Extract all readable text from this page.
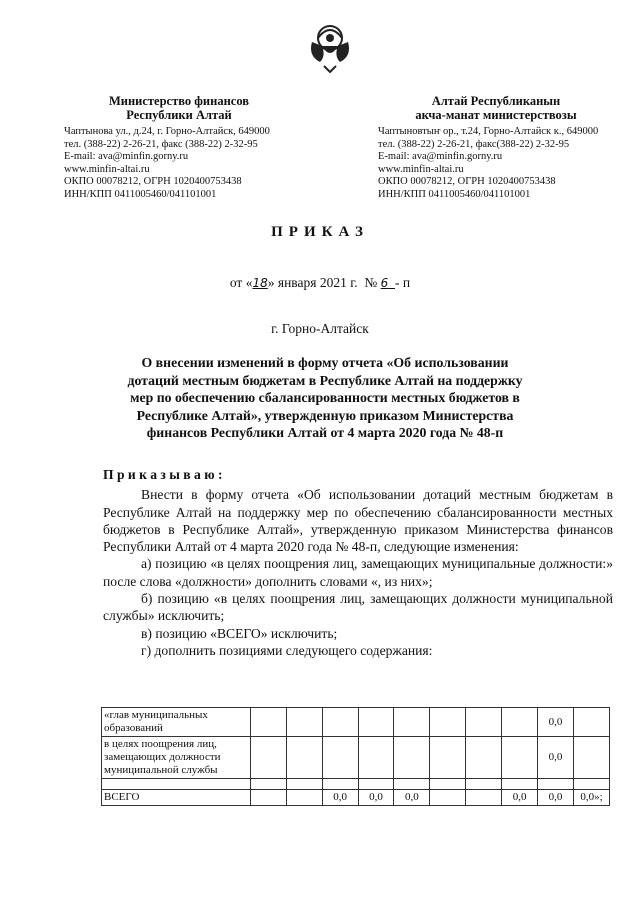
Министерство финансов
Республики Алтай
Чаптынова ул., д.24, г. Горно-Алтайск, 649000
тел. (388-22) 2-26-21, факс (388-22) 2-32-95
E-mail: ava@minfin.gorny.ru
www.minfin-altai.ru
ОКПО 00078212, ОГРН 1020400753438
ИНН/КПП 0411005460/041101001
Алтай Республиканын
акча-манат министерствозы
Чаптыновтыҥ ор., т.24, Горно-Алтайск к., 649000
тел. (388-22) 2-26-21, факс(388-22) 2-32-95
E-mail: ava@minfin.gorny.ru
www.minfin-altai.ru
ОКПО 00078212, ОГРН 1020400753438
ИНН/КПП 0411005460/041101001
ПРИКАЗ
от «18» января 2021 г. № 6 - п
г. Горно-Алтайск
О внесении изменений в форму отчета «Об использовании дотаций местным бюджетам в Республике Алтай на поддержку мер по обеспечению сбалансированности местных бюджетов в Республике Алтай», утвержденную приказом Министерства финансов Республики Алтай от 4 марта 2020 года № 48-п
Приказываю:
Внести в форму отчета «Об использовании дотаций местным бюджетам в Республике Алтай на поддержку мер по обеспечению сбалансированности местных бюджетов в Республике Алтай», утвержденную приказом Министерства финансов Республики Алтай от 4 марта 2020 года № 48-п, следующие изменения:
а) позицию «в целях поощрения лиц, замещающих муниципальные должности:» после слова «должности» дополнить словами «, из них»;
б) позицию «в целях поощрения лиц, замещающих должности муниципальной службы» исключить;
в) позицию «ВСЕГО» исключить;
г) дополнить позициями следующего содержания:
«глав муниципальных образований									0,0	
в целях поощрения лиц, замещающих должности муниципальной службы									0,0	

ВСЕГО			0,0	0,0	0,0			0,0	0,0	0,0»;
